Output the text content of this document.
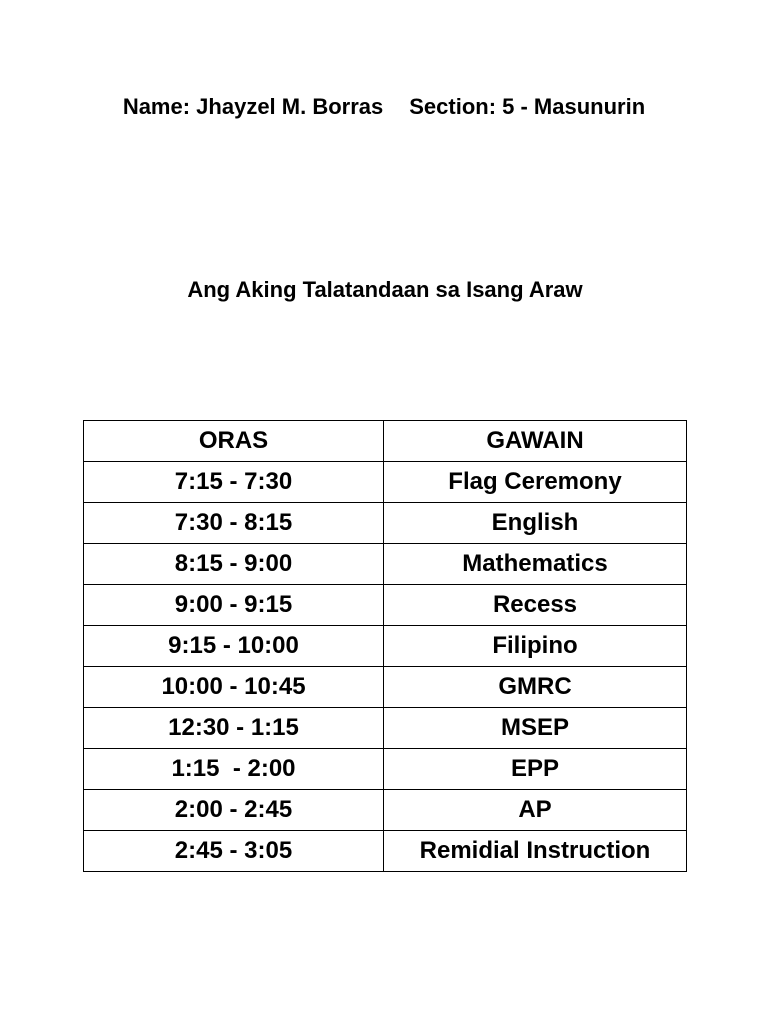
Name: Jhayzel M. Borras Section: 5 - Masunurin
Ang Aking Talatandaan sa Isang Araw
ORAS	GAWAIN
7:15 - 7:30	Flag Ceremony
7:30 - 8:15	English
8:15 - 9:00	Mathematics
9:00 - 9:15	Recess
9:15 - 10:00	Filipino
10:00 - 10:45	GMRC
12:30 - 1:15	MSEP
1:15  - 2:00	EPP
2:00 - 2:45	AP
2:45 - 3:05	Remidial Instruction
